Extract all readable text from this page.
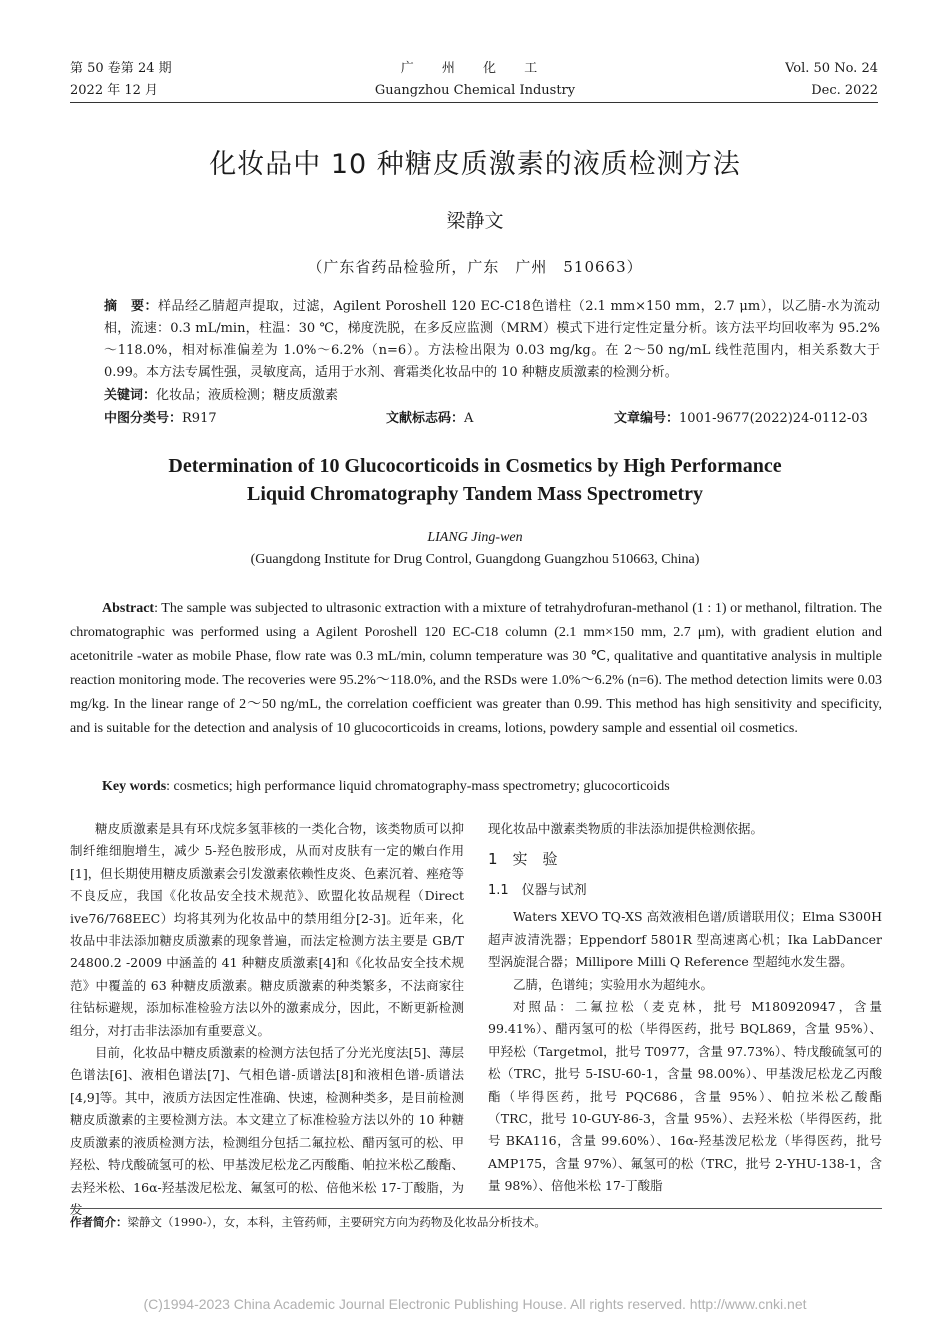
第 50 卷第 24 期
2022 年 12 月
广 州 化 工
Guangzhou Chemical Industry
Vol. 50 No. 24
Dec. 2022
化妆品中 10 种糖皮质激素的液质检测方法
梁静文
（广东省药品检验所，广东　广州　510663）
摘　要：样品经乙腈超声提取，过滤，Agilent Poroshell 120 EC-C18色谱柱（2.1 mm×150 mm，2.7 μm），以乙腈-水为流动相，流速：0.3 mL/min，柱温：30 ℃，梯度洗脱，在多反应监测（MRM）模式下进行定性定量分析。该方法平均回收率为 95.2%～118.0%，相对标准偏差为 1.0%～6.2%（n=6）。方法检出限为 0.03 mg/kg。在 2～50 ng/mL 线性范围内，相关系数大于 0.99。本方法专属性强，灵敏度高，适用于水剂、膏霜类化妆品中的 10 种糖皮质激素的检测分析。
关键词：化妆品；液质检测；糖皮质激素
中图分类号：R917	文献标志码：A	文章编号：1001-9677(2022)24-0112-03
Determination of 10 Glucocorticoids in Cosmetics by High Performance
Liquid Chromatography Tandem Mass Spectrometry
LIANG Jing-wen
(Guangdong Institute for Drug Control, Guangdong Guangzhou 510663, China)
Abstract: The sample was subjected to ultrasonic extraction with a mixture of tetrahydrofuran-methanol (1 : 1) or methanol, filtration. The chromatographic was performed using a Agilent Poroshell 120 EC-C18 column (2.1 mm×150 mm, 2.7 μm), with gradient elution and acetonitrile -water as mobile Phase, flow rate was 0.3 mL/min, column temperature was 30 ℃, qualitative and quantitative analysis in multiple reaction monitoring mode. The recoveries were 95.2%～118.0%, and the RSDs were 1.0%～6.2% (n=6). The method detection limits were 0.03 mg/kg. In the linear range of 2～50 ng/mL, the correlation coefficient was greater than 0.99. This method has high sensitivity and specificity, and is suitable for the detection and analysis of 10 glucocorticoids in creams, lotions, powdery sample and essential oil cosmetics.
Key words: cosmetics; high performance liquid chromatography-mass spectrometry; glucocorticoids

糖皮质激素是具有环戊烷多氢菲核的一类化合物，该类物质可以抑制纤维细胞增生，减少 5-羟色胺形成，从而对皮肤有一定的嫩白作用[1]，但长期使用糖皮质激素会引发激素依赖性皮炎、色素沉着、痤疮等不良反应，我国《化妆品安全技术规范》、欧盟化妆品规程（Direct ive76/768EEC）均将其列为化妆品中的禁用组分[2-3]。近年来，化妆品中非法添加糖皮质激素的现象普遍，而法定检测方法主要是 GB/T 24800.2 -2009 中涵盖的 41 种糖皮质激素[4]和《化妆品安全技术规范》中覆盖的 63 种糖皮质激素。糖皮质激素的种类繁多，不法商家往往钻标避规，添加标准检验方法以外的激素成分，因此，不断更新检测组分，对打击非法添加有重要意义。

目前，化妆品中糖皮质激素的检测方法包括了分光光度法[5]、薄层色谱法[6]、液相色谱法[7]、气相色谱-质谱法[8]和液相色谱-质谱法[4,9]等。其中，液质方法因定性准确、快速，检测种类多，是目前检测糖皮质激素的主要检测方法。本文建立了标准检验方法以外的 10 种糖皮质激素的液质检测方法，检测组分包括二氟拉松、醋丙氢可的松、甲羟松、特戊酸硫氢可的松、甲基泼尼松龙乙丙酸酯、帕拉米松乙酸酯、去羟米松、16α-羟基泼尼松龙、氟氢可的松、倍他米松 17-丁酸脂，为发

现化妆品中激素类物质的非法添加提供检测依据。

1　实　验
1.1　仪器与试剂

Waters XEVO TQ-XS 高效液相色谱/质谱联用仪；Elma S300H 超声波清洗器；Eppendorf 5801R 型高速离心机；Ika LabDancer 型涡旋混合器；Millipore Milli Q Reference 型超纯水发生器。

乙腈，色谱纯；实验用水为超纯水。

对照品：二氟拉松（麦克林，批号 M180920947，含量 99.41%）、醋丙氢可的松（毕得医药，批号 BQL869，含量 95%）、甲羟松（Targetmol，批号 T0977，含量 97.73%）、特戊酸硫氢可的松（TRC，批号 5-ISU-60-1，含量 98.00%）、甲基泼尼松龙乙丙酸酯（毕得医药，批号 PQC686，含量 95%）、帕拉米松乙酸酯（TRC，批号 10-GUY-86-3，含量 95%）、去羟米松（毕得医药，批号 BKA116，含量 99.60%）、16α-羟基泼尼松龙（毕得医药，批号 AMP175，含量 97%）、氟氢可的松（TRC，批号 2-YHU-138-1，含量 98%）、倍他米松 17-丁酸脂

作者简介：梁静文（1990-），女，本科，主管药师，主要研究方向为药物及化妆品分析技术。
(C)1994-2023 China Academic Journal Electronic Publishing House. All rights reserved. http://www.cnki.net
